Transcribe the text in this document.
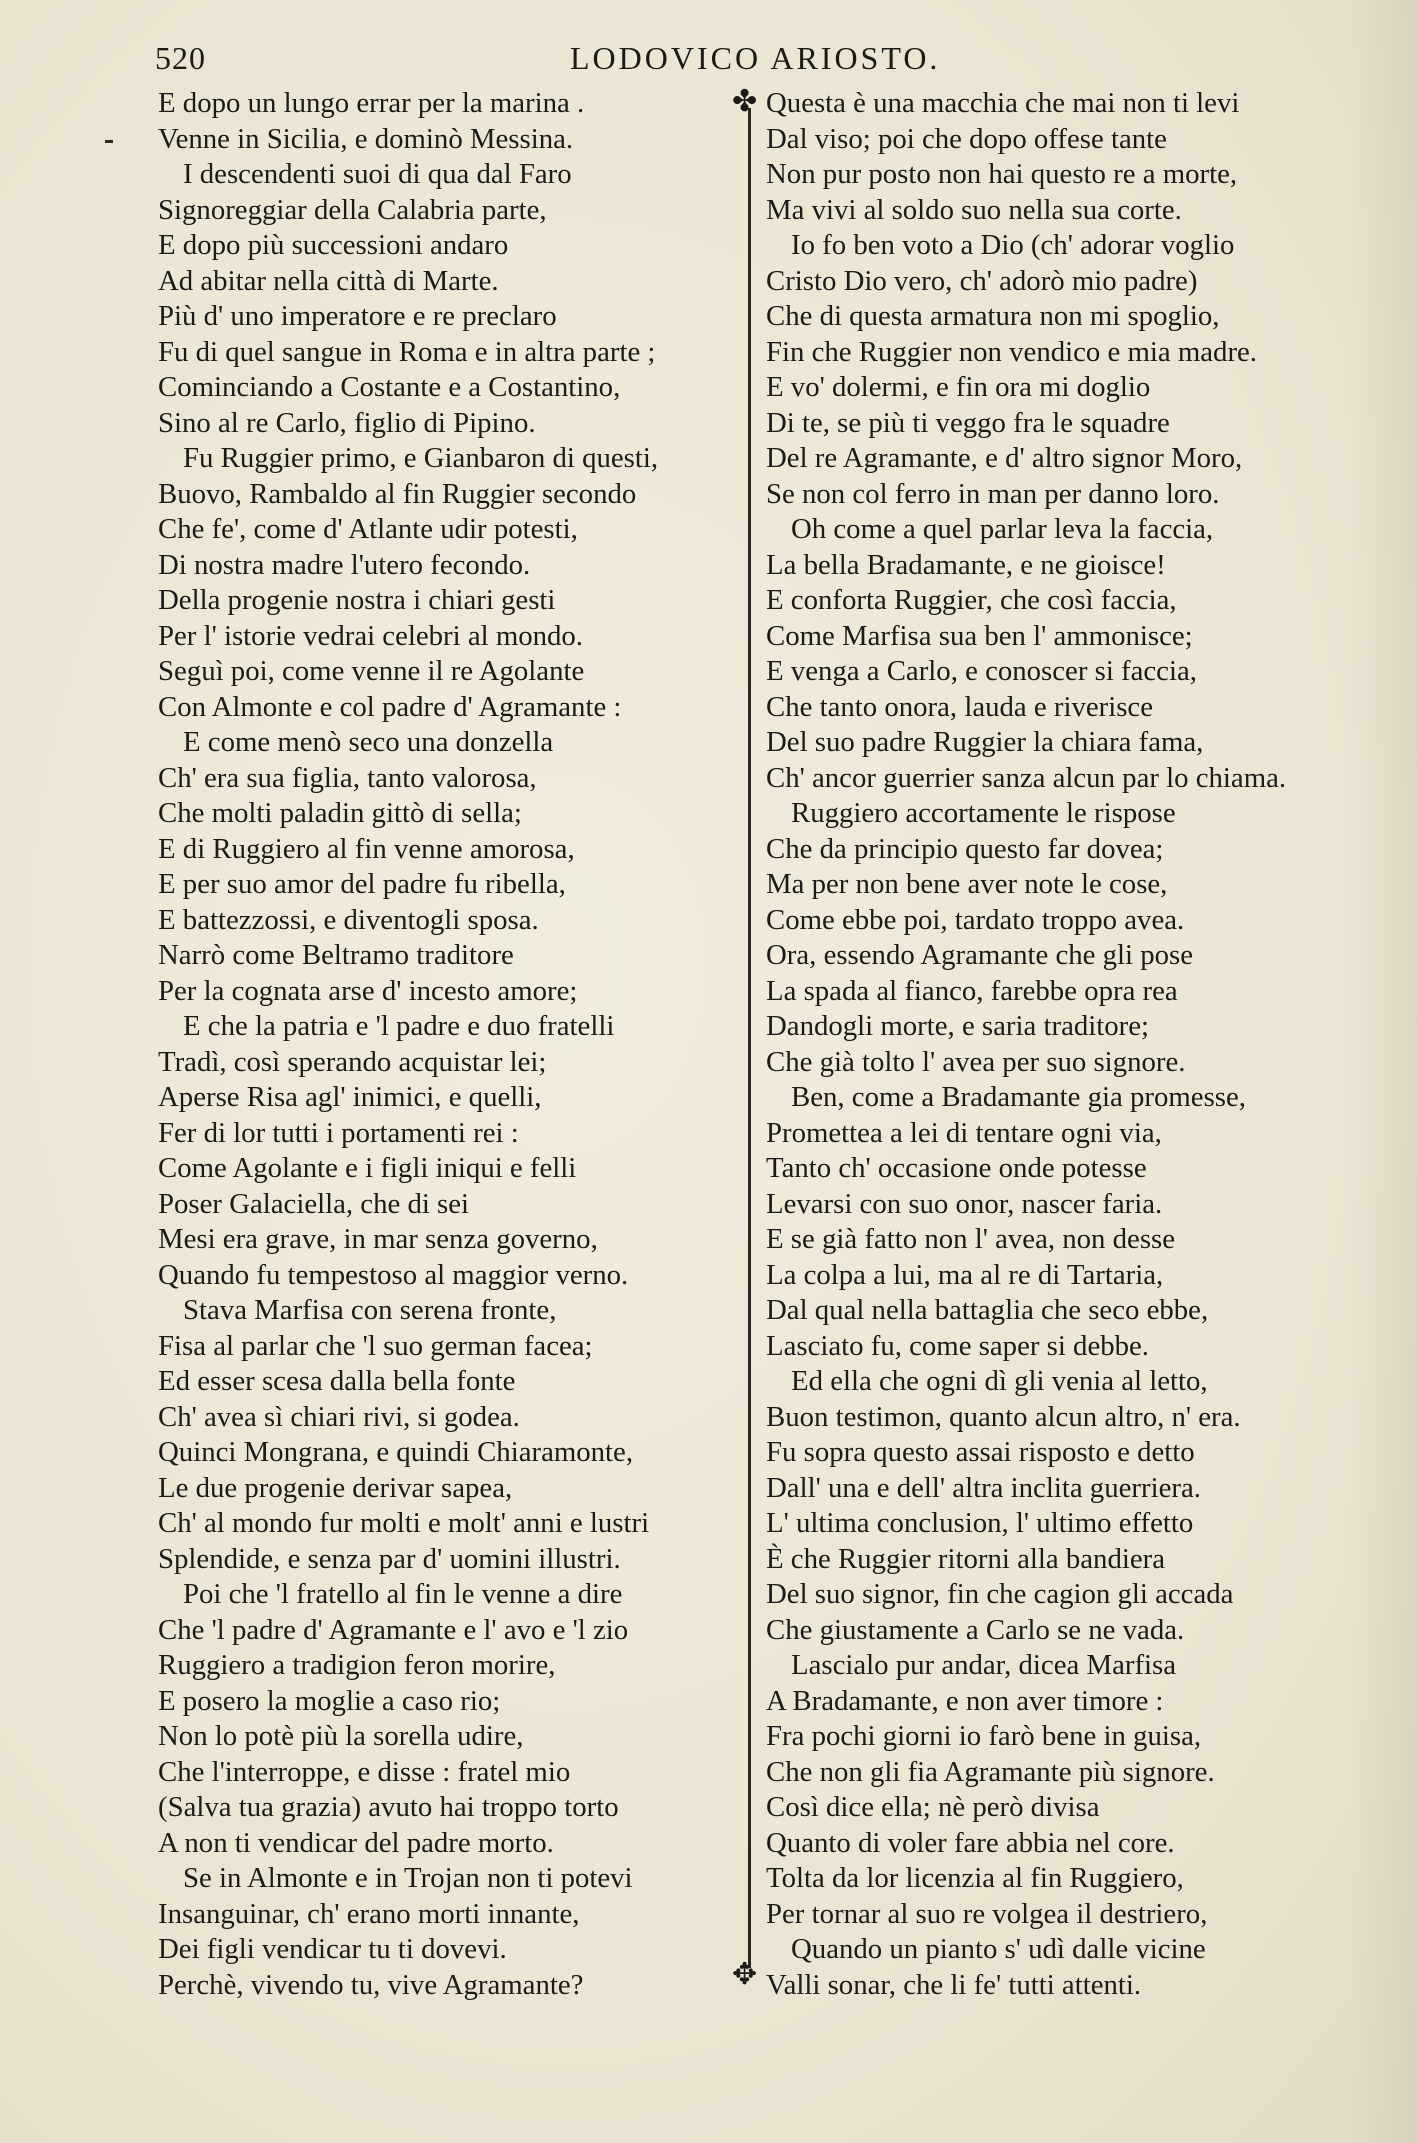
520	LODOVICO ARIOSTO.
E dopo un lungo errar per la marina .
Venne in Sicilia, e dominò Messina.
I descendenti suoi di qua dal Faro
Signoreggiar della Calabria parte,
E dopo più successioni andaro
Ad abitar nella città di Marte.
Più d' uno imperatore e re preclaro
Fu di quel sangue in Roma e in altra parte ;
Cominciando a Costante e a Costantino,
Sino al re Carlo, figlio di Pipino.
Fu Ruggier primo, e Gianbaron di questi,
Buovo, Rambaldo al fin Ruggier secondo
Che fe', come d' Atlante udir potesti,
Di nostra madre l'utero fecondo.
Della progenie nostra i chiari gesti
Per l' istorie vedrai celebri al mondo.
Seguì poi, come venne il re Agolante
Con Almonte e col padre d' Agramante :
E come menò seco una donzella
Ch' era sua figlia, tanto valorosa,
Che molti paladin gittò di sella;
E di Ruggiero al fin venne amorosa,
E per suo amor del padre fu ribella,
E battezzossi, e diventogli sposa.
Narrò come Beltramo traditore
Per la cognata arse d' incesto amore;
E che la patria e 'l padre e duo fratelli
Tradì, così sperando acquistar lei;
Aperse Risa agl' inimici, e quelli,
Fer di lor tutti i portamenti rei :
Come Agolante e i figli iniqui e felli
Poser Galaciella, che di sei
Mesi era grave, in mar senza governo,
Quando fu tempestoso al maggior verno.
Stava Marfisa con serena fronte,
Fisa al parlar che 'l suo german facea;
Ed esser scesa dalla bella fonte
Ch' avea sì chiari rivi, si godea.
Quinci Mongrana, e quindi Chiaramonte,
Le due progenie derivar sapea,
Ch' al mondo fur molti e molt' anni e lustri
Splendide, e senza par d' uomini illustri.
Poi che 'l fratello al fin le venne a dire
Che 'l padre d' Agramante e l' avo e 'l zio
Ruggiero a tradigion feron morire,
E posero la moglie a caso rio;
Non lo potè più la sorella udire,
Che l'interroppe, e disse : fratel mio
(Salva tua grazia) avuto hai troppo torto
A non ti vendicar del padre morto.
Se in Almonte e in Trojan non ti potevi
Insanguinar, ch' erano morti innante,
Dei figli vendicar tu ti dovevi.
Perchè, vivendo tu, vive Agramante?
Questa è una macchia che mai non ti levi
Dal viso; poi che dopo offese tante
Non pur posto non hai questo re a morte,
Ma vivi al soldo suo nella sua corte.
Io fo ben voto a Dio (ch' adorar voglio
Cristo Dio vero, ch' adorò mio padre)
Che di questa armatura non mi spoglio,
Fin che Ruggier non vendico e mia madre.
E vo' dolermi, e fin ora mi doglio
Di te, se più ti veggo fra le squadre
Del re Agramante, e d' altro signor Moro,
Se non col ferro in man per danno loro.
Oh come a quel parlar leva la faccia,
La bella Bradamante, e ne gioisce!
E conforta Ruggier, che così faccia,
Come Marfisa sua ben l' ammonisce;
E venga a Carlo, e conoscer si faccia,
Che tanto onora, lauda e riverisce
Del suo padre Ruggier la chiara fama,
Ch' ancor guerrier sanza alcun par lo chiama.
Ruggiero accortamente le rispose
Che da principio questo far dovea;
Ma per non bene aver note le cose,
Come ebbe poi, tardato troppo avea.
Ora, essendo Agramante che gli pose
La spada al fianco, farebbe opra rea
Dandogli morte, e saria traditore;
Che già tolto l' avea per suo signore.
Ben, come a Bradamante gia promesse,
Promettea a lei di tentare ogni via,
Tanto ch' occasione onde potesse
Levarsi con suo onor, nascer faria.
E se già fatto non l' avea, non desse
La colpa a lui, ma al re di Tartaria,
Dal qual nella battaglia che seco ebbe,
Lasciato fu, come saper si debbe.
Ed ella che ogni dì gli venia al letto,
Buon testimon, quanto alcun altro, n' era.
Fu sopra questo assai risposto e detto
Dall' una e dell' altra inclita guerriera.
L' ultima conclusion, l' ultimo effetto
È che Ruggier ritorni alla bandiera
Del suo signor, fin che cagion gli accada
Che giustamente a Carlo se ne vada.
Lascialo pur andar, dicea Marfisa
A Bradamante, e non aver timore :
Fra pochi giorni io farò bene in guisa,
Che non gli fia Agramante più signore.
Così dice ella; nè però divisa
Quanto di voler fare abbia nel core.
Tolta da lor licenzia al fin Ruggiero,
Per tornar al suo re volgea il destriero,
Quando un pianto s' udì dalle vicine
Valli sonar, che li fe' tutti attenti.
✤
✥
